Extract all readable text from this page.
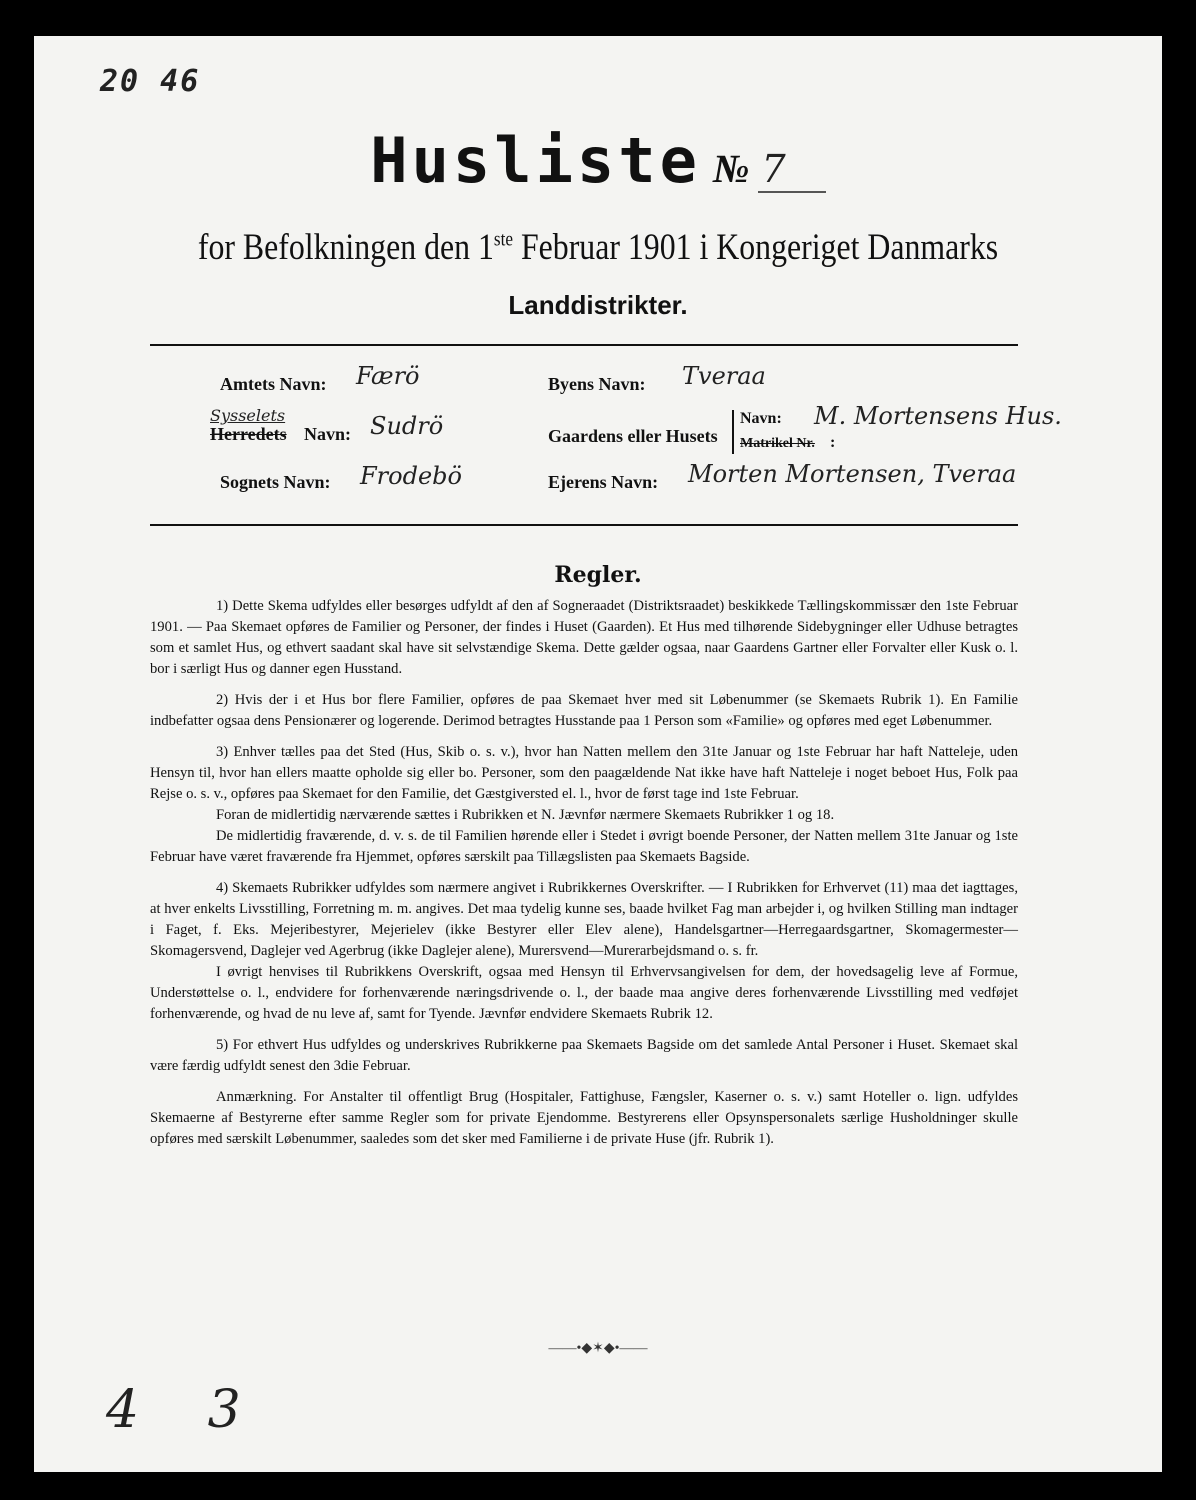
20 46
Husliste № 7
for Befolkningen den 1ste Februar 1901 i Kongeriget Danmarks
Landdistrikter.
Amtets Navn: Færö
Sysselets
Herredets Navn: Sudrö
Sognets Navn: Frodebö
Byens Navn: Tveraa
Gaardens eller Husets
Navn: M. Mortensens Hus.
Matrikel Nr. :
Ejerens Navn: Morten Mortensen, Tveraa
Regler.

1) Dette Skema udfyldes eller besørges udfyldt af den af Sogneraadet (Distriktsraadet) beskikkede Tællingskommissær den 1ste Februar 1901. — Paa Skemaet opføres de Familier og Personer, der findes i Huset (Gaarden). Et Hus med tilhørende Sidebygninger eller Udhuse betragtes som et samlet Hus, og ethvert saadant skal have sit selvstændige Skema. Dette gælder ogsaa, naar Gaardens Gartner eller Forvalter eller Kusk o. l. bor i særligt Hus og danner egen Husstand.

2) Hvis der i et Hus bor flere Familier, opføres de paa Skemaet hver med sit Løbenummer (se Skemaets Rubrik 1). En Familie indbefatter ogsaa dens Pensionærer og logerende. Derimod betragtes Husstande paa 1 Person som «Familie» og opføres med eget Løbenummer.

3) Enhver tælles paa det Sted (Hus, Skib o. s. v.), hvor han Natten mellem den 31te Januar og 1ste Februar har haft Natteleje, uden Hensyn til, hvor han ellers maatte opholde sig eller bo. Personer, som den paagældende Nat ikke have haft Natteleje i noget beboet Hus, Folk paa Rejse o. s. v., opføres paa Skemaet for den Familie, det Gæstgiversted el. l., hvor de først tage ind 1ste Februar.

Foran de midlertidig nærværende sættes i Rubrikken et N. Jævnfør nærmere Skemaets Rubrikker 1 og 18.

De midlertidig fraværende, d. v. s. de til Familien hørende eller i Stedet i øvrigt boende Personer, der Natten mellem 31te Januar og 1ste Februar have været fraværende fra Hjemmet, opføres særskilt paa Tillægslisten paa Skemaets Bagside.

4) Skemaets Rubrikker udfyldes som nærmere angivet i Rubrikkernes Overskrifter. — I Rubrikken for Erhvervet (11) maa det iagttages, at hver enkelts Livsstilling, Forretning m. m. angives. Det maa tydelig kunne ses, baade hvilket Fag man arbejder i, og hvilken Stilling man indtager i Faget, f. Eks. Mejeribestyrer, Mejerielev (ikke Bestyrer eller Elev alene), Handelsgartner—Herregaardsgartner, Skomagermester—Skomagersvend, Daglejer ved Agerbrug (ikke Daglejer alene), Murersvend—Murerarbejdsmand o. s. fr.

I øvrigt henvises til Rubrikkens Overskrift, ogsaa med Hensyn til Erhvervsangivelsen for dem, der hovedsagelig leve af Formue, Understøttelse o. l., endvidere for forhenværende næringsdrivende o. l., der baade maa angive deres forhenværende Livsstilling med vedføjet forhenværende, og hvad de nu leve af, samt for Tyende. Jævnfør endvidere Skemaets Rubrik 12.

5) For ethvert Hus udfyldes og underskrives Rubrikkerne paa Skemaets Bagside om det samlede Antal Personer i Huset. Skemaet skal være færdig udfyldt senest den 3die Februar.

Anmærkning. For Anstalter til offentligt Brug (Hospitaler, Fattighuse, Fængsler, Kaserner o. s. v.) samt Hoteller o. lign. udfyldes Skemaerne af Bestyrerne efter samme Regler som for private Ejendomme. Bestyrerens eller Opsynspersonalets særlige Husholdninger skulle opføres med særskilt Løbenummer, saaledes som det sker med Familierne i de private Huse (jfr. Rubrik 1).

——•◆✶◆•——
4 3
